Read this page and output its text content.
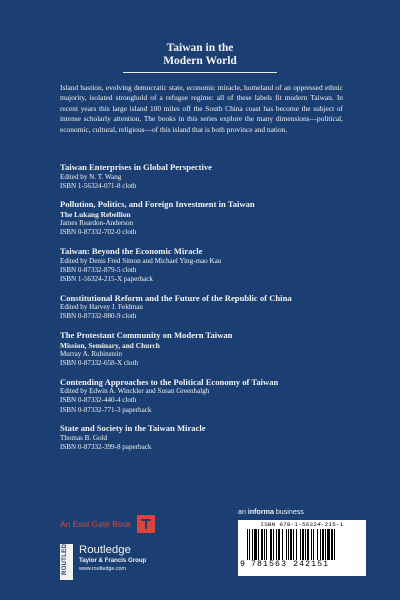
Taiwan in the
Modern World
Island bastion, evolving democratic state, economic miracle, homeland of an oppressed ethnic majority, isolated stronghold of a refugee regime: all of these labels fit modern Taiwan. In recent years this large island 100 miles off the South China coast has become the subject of intense scholarly attention. The books in this series explore the many dimensions—political, economic, cultural, religious—of this island that is both province and nation.
Taiwan Enterprises in Global Perspective
Edited by N. T. Wang
ISBN 1-56324-071-8 cloth
Pollution, Politics, and Foreign Investment in Taiwan
The Lukang Rebellion
James Reardon-Anderson
ISBN 0-87332-702-0 cloth
Taiwan: Beyond the Economic Miracle
Edited by Denis Fred Simon and Michael Ying-mao Kau
ISBN 0-87332-879-5 cloth
ISBN 1-56324-215-X paperback
Constitutional Reform and the Future of the Republic of China
Edited by Harvey J. Feldman
ISBN 0-87332-880-9 cloth
The Protestant Community on Modern Taiwan
Mission, Seminary, and Church
Murray A. Rubinstein
ISBN 0-87332-658-X cloth
Contending Approaches to the Political Economy of Taiwan
Edited by Edwin A. Winckler and Susan Greenhalgh
ISBN 0-87332-440-4 cloth
ISBN 0-87332-771-3 paperback
State and Society in the Taiwan Miracle
Thomas B. Gold
ISBN 0-87332-399-8 paperback
An East Gate Book
ROUTLEDGE Routledge
Taylor & Francis Group
www.routledge.com
an informa business
ISBN 978-1-56324-215-1
9 781563 242151
